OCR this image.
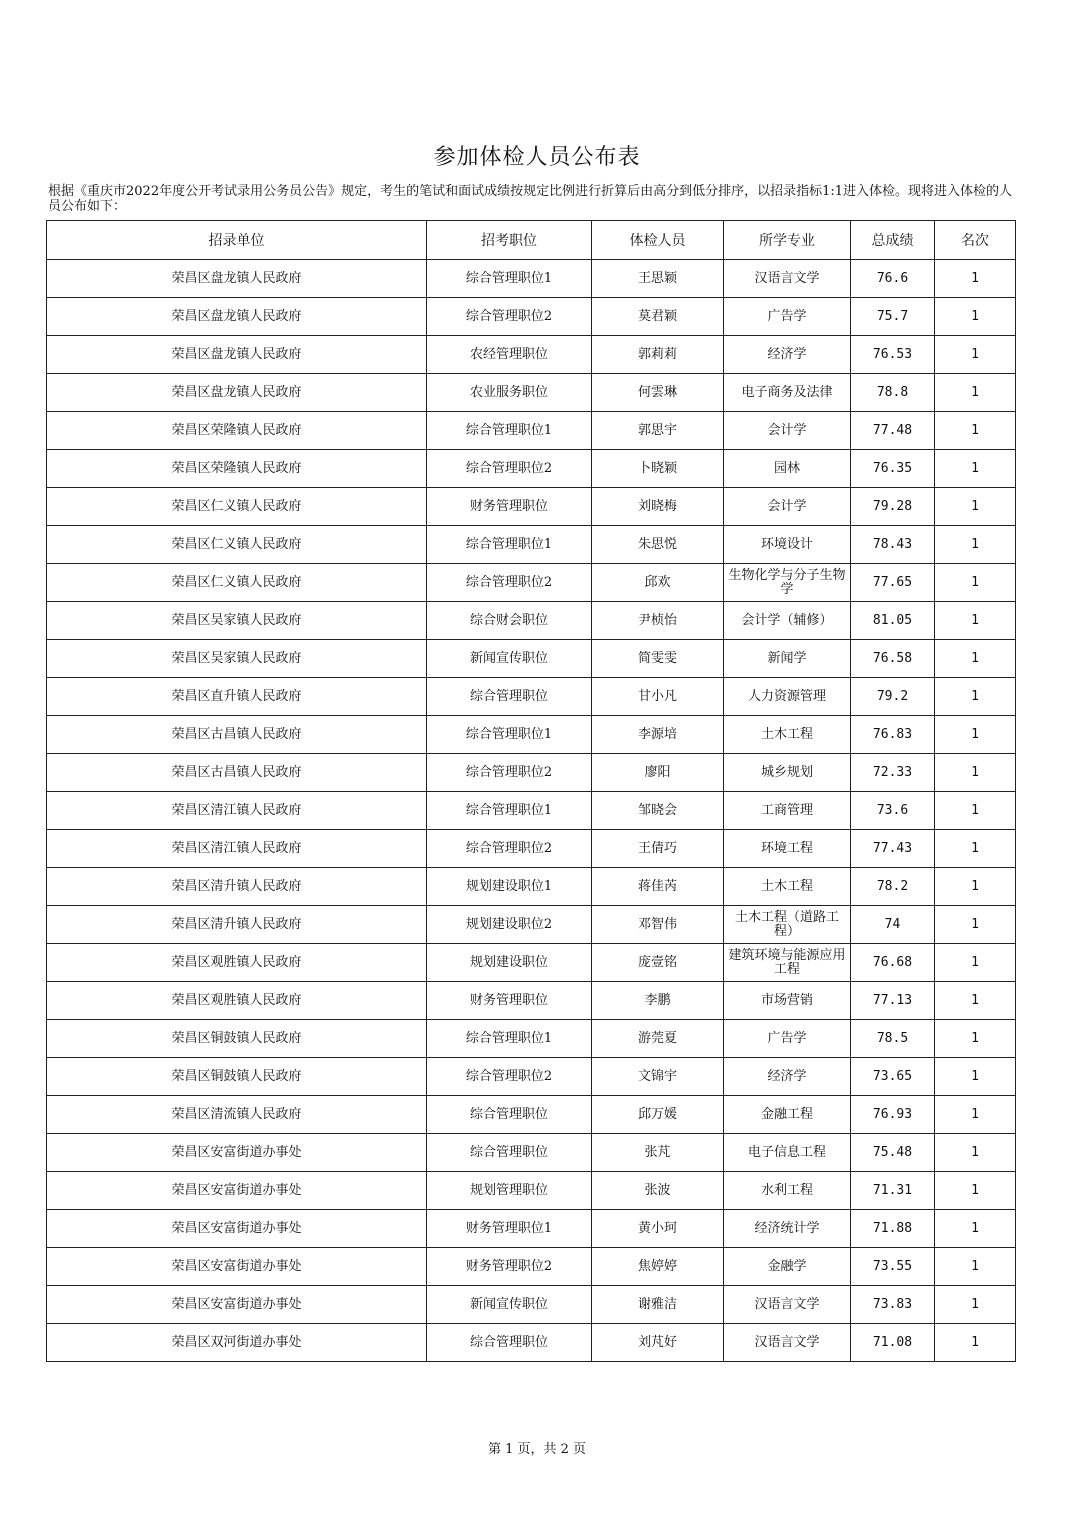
参加体检人员公布表
根据《重庆市2022年度公开考试录用公务员公告》规定，考生的笔试和面试成绩按规定比例进行折算后由高分到低分排序，以招录指标1:1进入体检。现将进入体检的人员公布如下：
招录单位	招考职位	体检人员	所学专业	总成绩	名次
荣昌区盘龙镇人民政府	综合管理职位1	王思颖	汉语言文学	76.6	1
荣昌区盘龙镇人民政府	综合管理职位2	莫君颖	广告学	75.7	1
荣昌区盘龙镇人民政府	农经管理职位	郭莉莉	经济学	76.53	1
荣昌区盘龙镇人民政府	农业服务职位	何雲琳	电子商务及法律	78.8	1
荣昌区荣隆镇人民政府	综合管理职位1	郭思宇	会计学	77.48	1
荣昌区荣隆镇人民政府	综合管理职位2	卜晓颖	园林	76.35	1
荣昌区仁义镇人民政府	财务管理职位	刘晓梅	会计学	79.28	1
荣昌区仁义镇人民政府	综合管理职位1	朱思悦	环境设计	78.43	1
荣昌区仁义镇人民政府	综合管理职位2	邱欢	生物化学与分子生物学	77.65	1
荣昌区吴家镇人民政府	综合财会职位	尹桢怡	会计学（辅修）	81.05	1
荣昌区吴家镇人民政府	新闻宣传职位	简雯雯	新闻学	76.58	1
荣昌区直升镇人民政府	综合管理职位	甘小凡	人力资源管理	79.2	1
荣昌区古昌镇人民政府	综合管理职位1	李源培	土木工程	76.83	1
荣昌区古昌镇人民政府	综合管理职位2	廖阳	城乡规划	72.33	1
荣昌区清江镇人民政府	综合管理职位1	邹晓会	工商管理	73.6	1
荣昌区清江镇人民政府	综合管理职位2	王倩巧	环境工程	77.43	1
荣昌区清升镇人民政府	规划建设职位1	蒋佳芮	土木工程	78.2	1
荣昌区清升镇人民政府	规划建设职位2	邓智伟	土木工程（道路工程）	74	1
荣昌区观胜镇人民政府	规划建设职位	庞壹铭	建筑环境与能源应用工程	76.68	1
荣昌区观胜镇人民政府	财务管理职位	李鹏	市场营销	77.13	1
荣昌区铜鼓镇人民政府	综合管理职位1	游莞夏	广告学	78.5	1
荣昌区铜鼓镇人民政府	综合管理职位2	文锦宇	经济学	73.65	1
荣昌区清流镇人民政府	综合管理职位	邱万媛	金融工程	76.93	1
荣昌区安富街道办事处	综合管理职位	张芃	电子信息工程	75.48	1
荣昌区安富街道办事处	规划管理职位	张波	水利工程	71.31	1
荣昌区安富街道办事处	财务管理职位1	黄小珂	经济统计学	71.88	1
荣昌区安富街道办事处	财务管理职位2	焦婷婷	金融学	73.55	1
荣昌区安富街道办事处	新闻宣传职位	谢雅洁	汉语言文学	73.83	1
荣昌区双河街道办事处	综合管理职位	刘芃好	汉语言文学	71.08	1
第 1 页，共 2 页
